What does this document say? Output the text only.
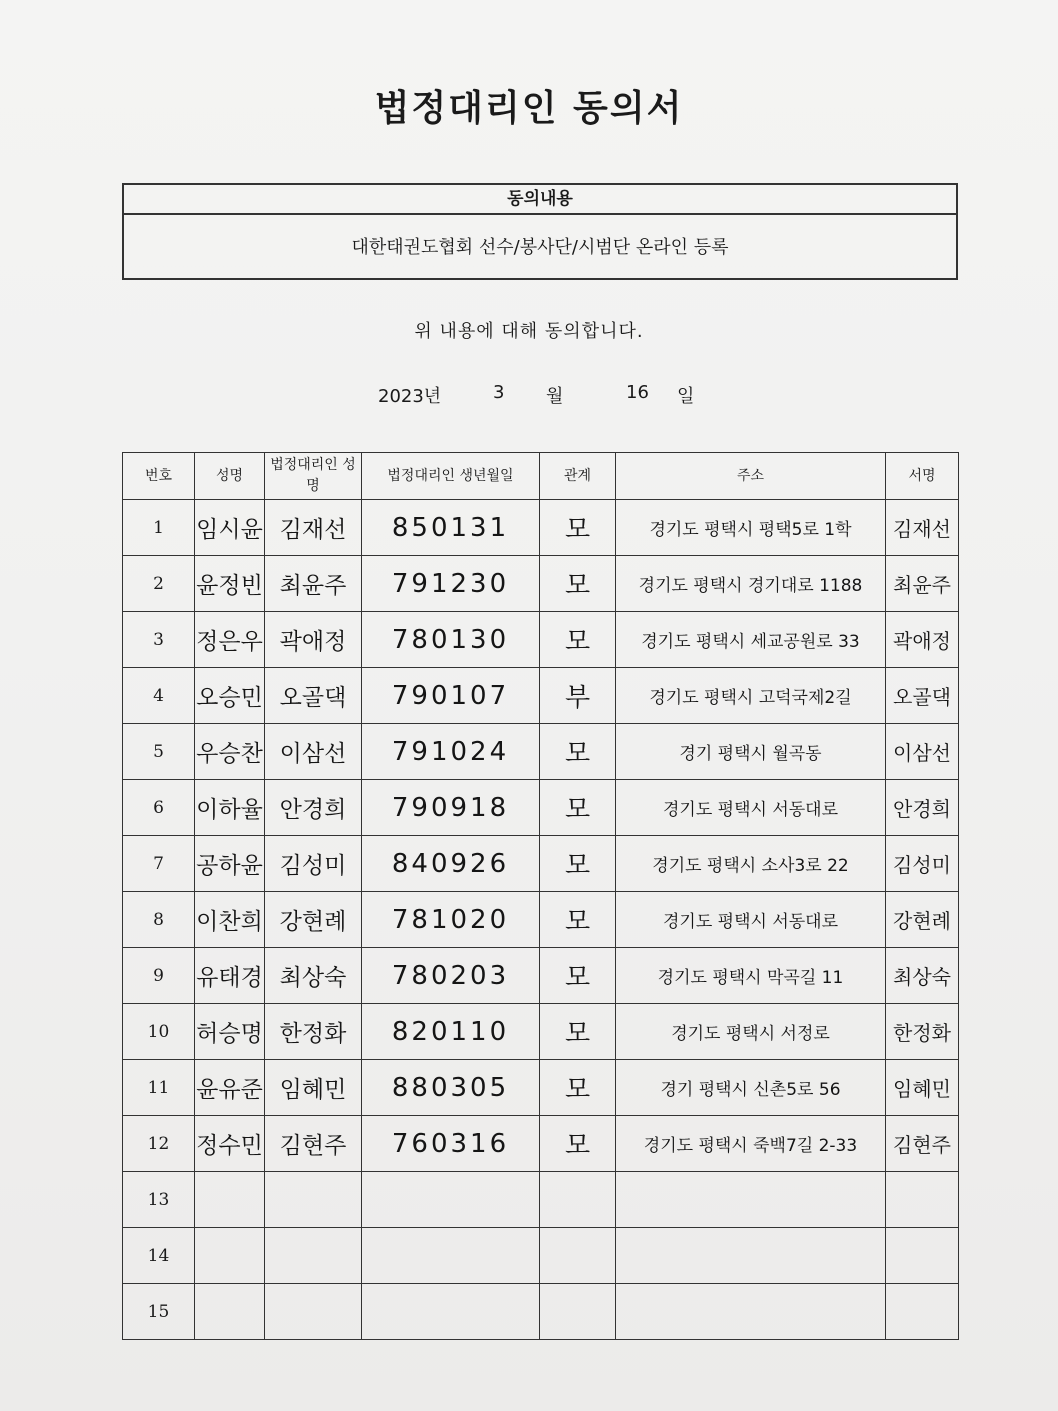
법정대리인 동의서
동의내용
대한태권도협회 선수/봉사단/시범단 온라인 등록
위 내용에 대해 동의합니다.
2023년	3 월	16 일
번호	성명	법정대리인 성명	법정대리인 생년월일	관계	주소	서명
1	임시윤	김재선	850131	모	경기도 평택시 평택5로 1학	김재선
2	윤정빈	최윤주	791230	모	경기도 평택시 경기대로 1188	최윤주
3	정은우	곽애정	780130	모	경기도 평택시 세교공원로 33	곽애정
4	오승민	오골댁	790107	부	경기도 평택시 고덕국제2길	오골댁
5	우승찬	이삼선	791024	모	경기 평택시 월곡동	이삼선
6	이하율	안경희	790918	모	경기도 평택시 서동대로	안경희
7	공하윤	김성미	840926	모	경기도 평택시 소사3로 22	김성미
8	이찬희	강현례	781020	모	경기도 평택시 서동대로	강현례
9	유태경	최상숙	780203	모	경기도 평택시 막곡길 11	최상숙
10	허승명	한정화	820110	모	경기도 평택시 서정로	한정화
11	윤유준	임혜민	880305	모	경기 평택시 신촌5로 56	임혜민
12	정수민	김현주	760316	모	경기도 평택시 죽백7길 2-33	김현주
13						
14						
15						
